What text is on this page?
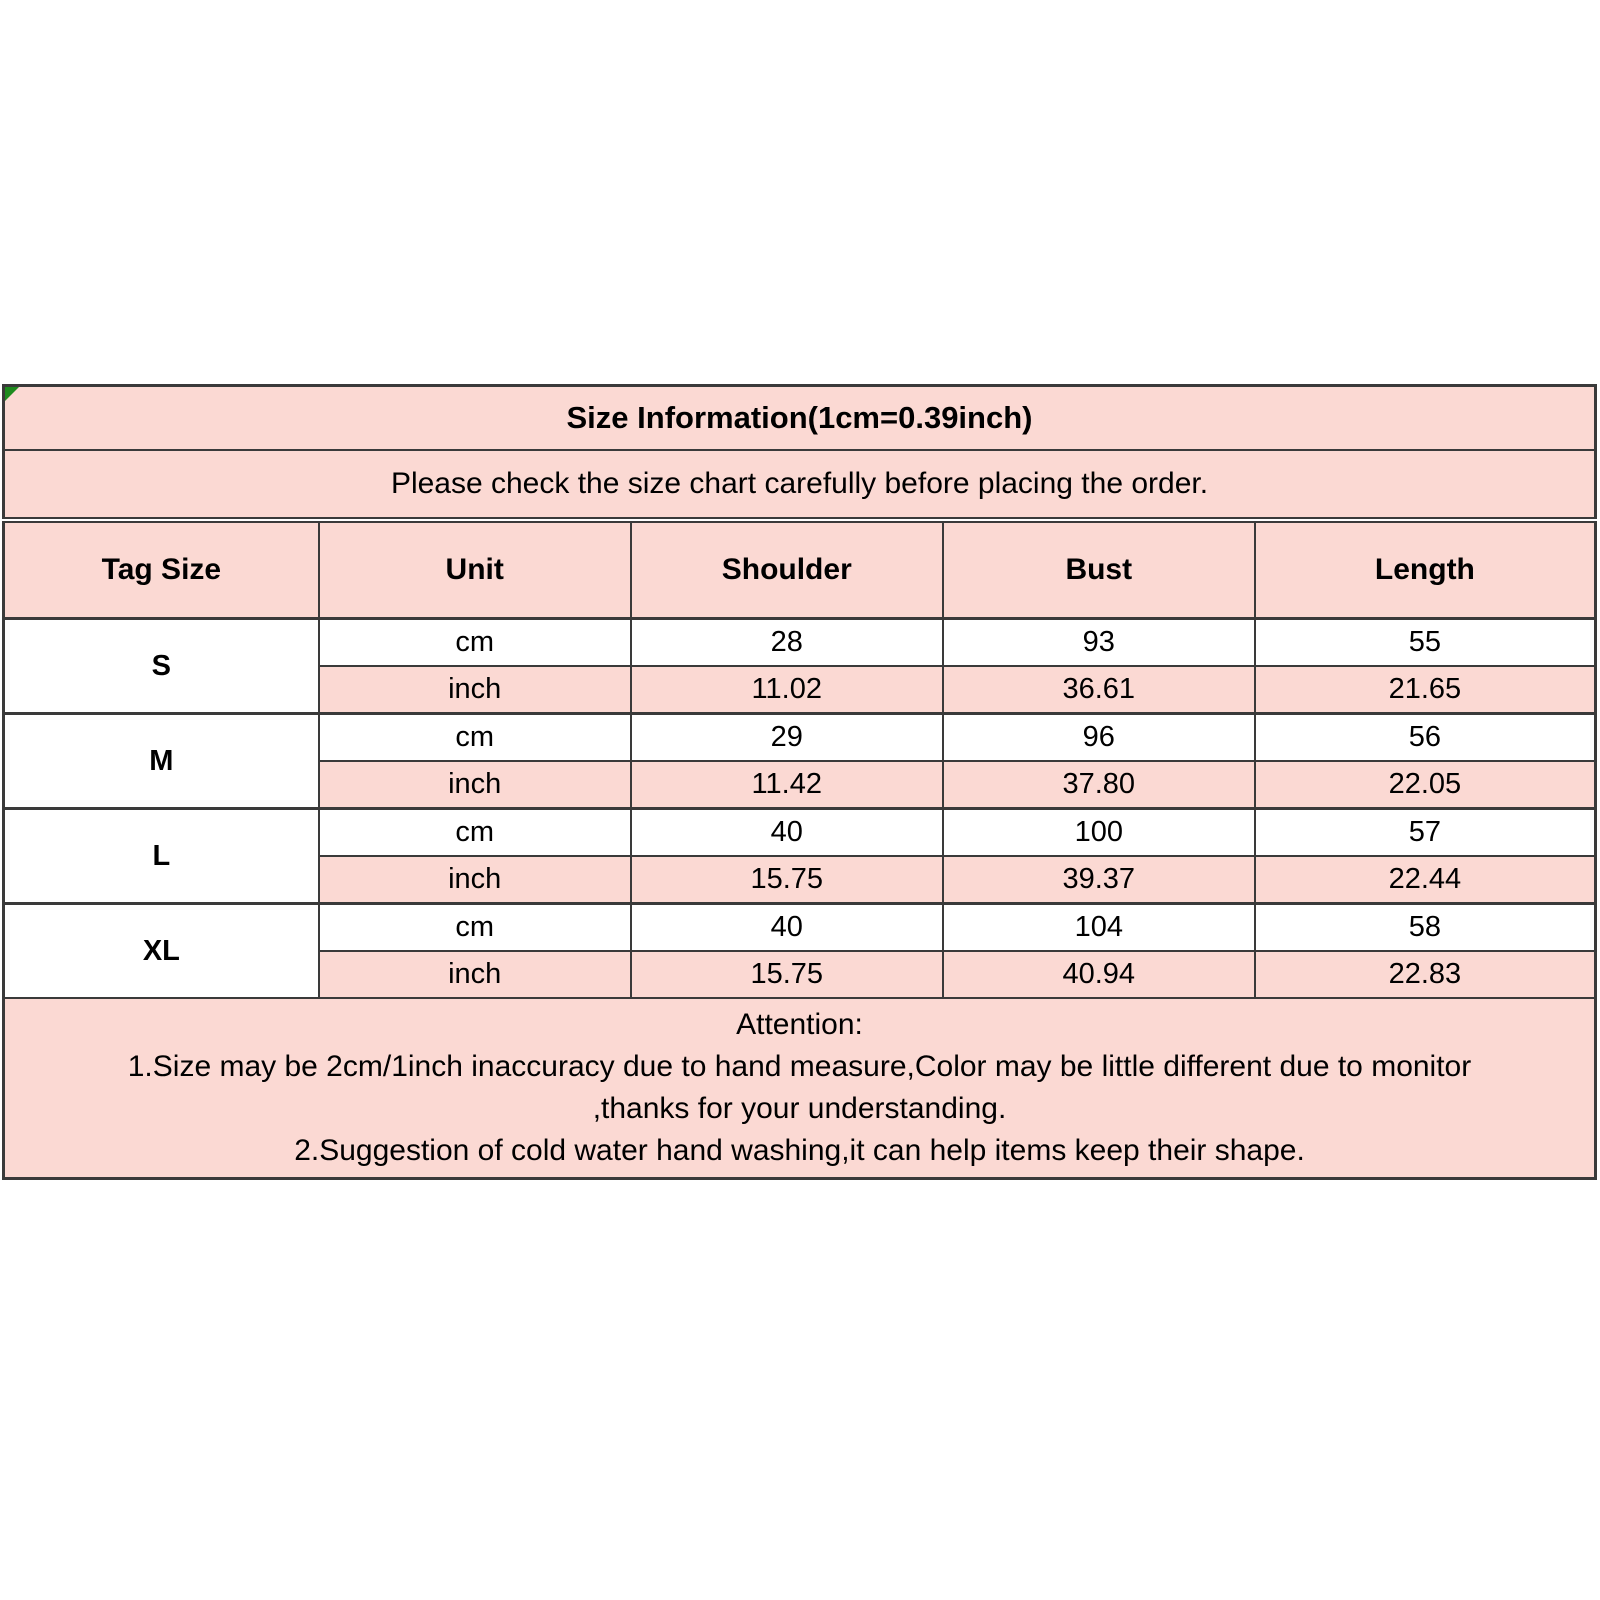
Size Information(1cm=0.39inch)				
Please check the size chart carefully before placing the order.				
Tag Size	Unit	Shoulder	Bust	Length
S	cm	28	93	55
	inch	11.02	36.61	21.65
M	cm	29	96	56
	inch	11.42	37.80	22.05
L	cm	40	100	57
	inch	15.75	39.37	22.44
XL	cm	40	104	58
	inch	15.75	40.94	22.83

Attention:
1.Size may be 2cm/1inch inaccuracy due to hand measure,Color may be little different due to monitor
,thanks for your understanding.
2.Suggestion of cold water hand washing,it can help items keep their shape.				
